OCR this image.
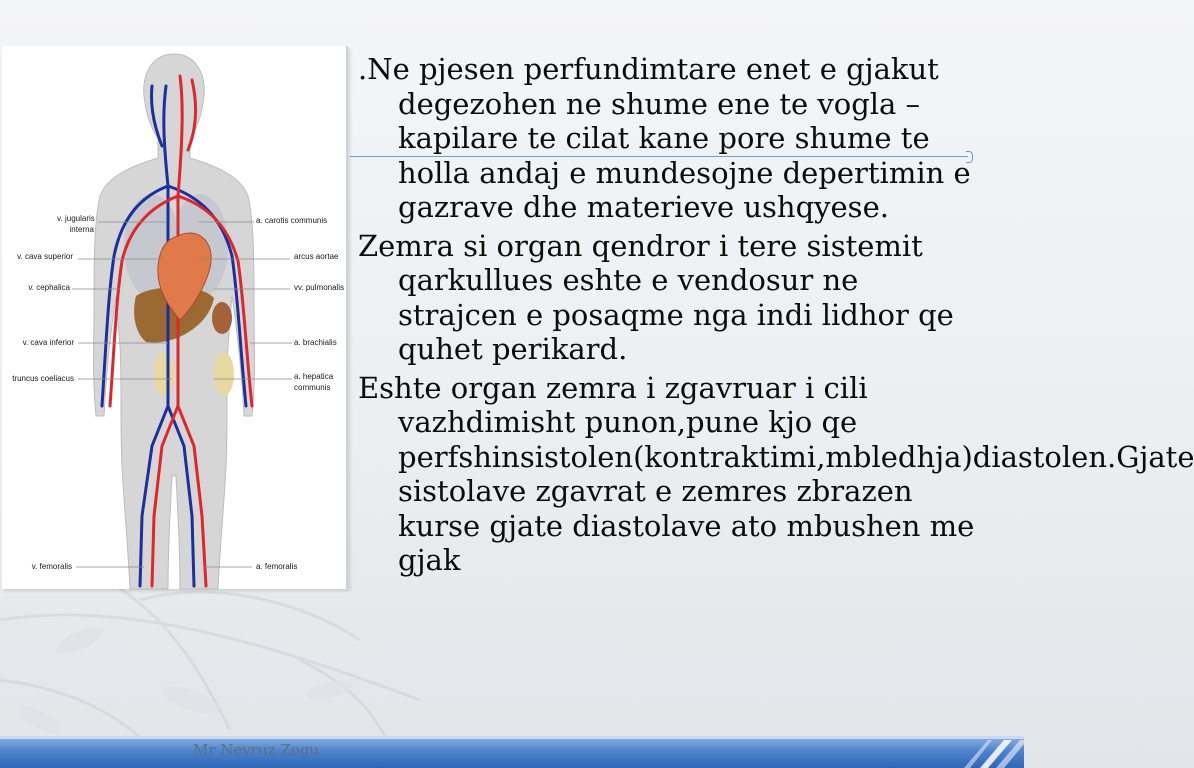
v. jugularis interna
v. cava superior
v. cephalica
v. cava inferior
truncus coeliacus
v. femoralis
a. carotis communis
arcus aortae
vv. pulmonalis
a. brachialis
a. hepatica communis
a. femoralis

.Ne pjesen perfundimtare enet e gjakut degezohen ne shume ene te vogla –kapilare te cilat kane pore shume te holla andaj e mundesojne depertimin e gazrave dhe materieve ushqyese.

Zemra si organ qendror i tere sistemit qarkullues eshte e vendosur ne strajcen e posaqme nga indi lidhor qe quhet perikard.

Eshte organ zemra i zgavruar i cili vazhdimisht punon,pune kjo qe perfshinsistolen(kontraktimi,mbledhja)diastolen.Gjate sistolave zgavrat e zemres zbrazen kurse gjate diastolave ato mbushen me gjak

Mr Nevruz Zogu
